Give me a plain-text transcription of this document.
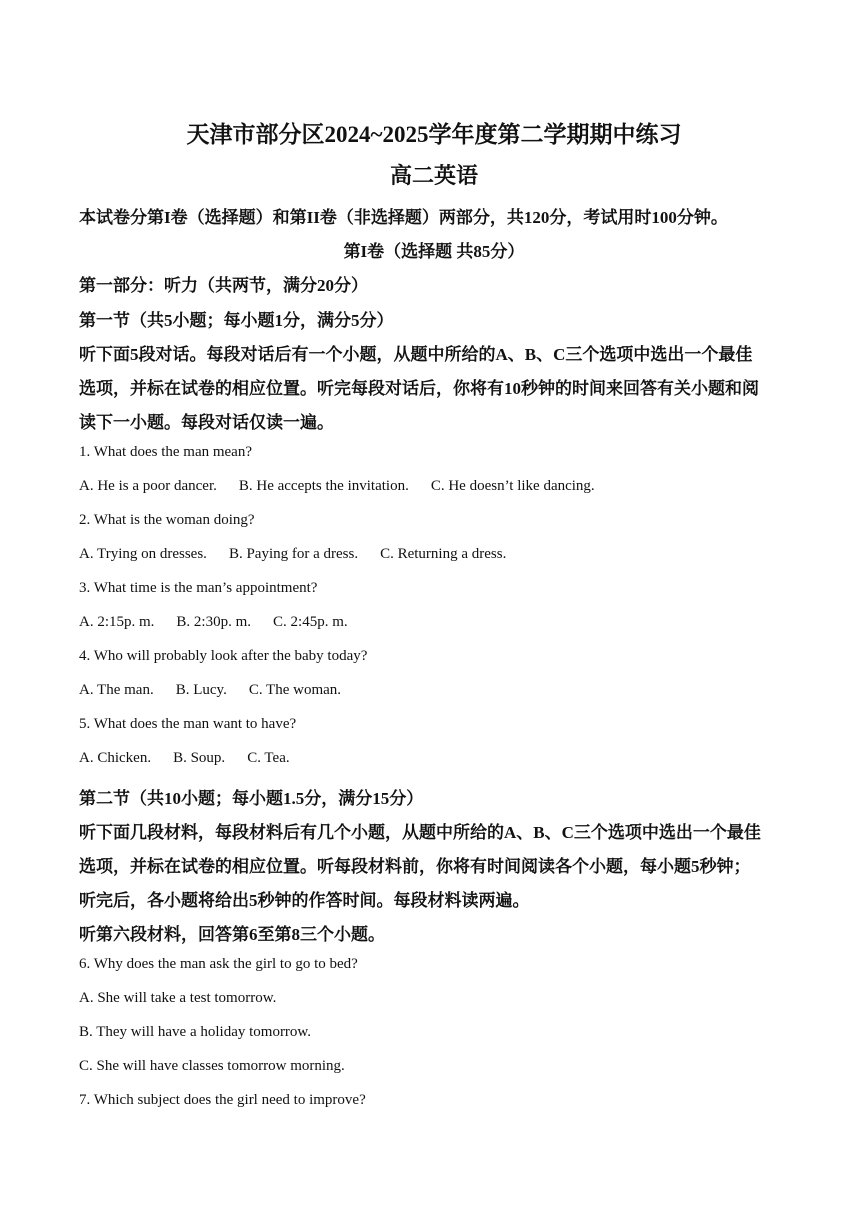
天津市部分区2024~2025学年度第二学期期中练习
高二英语
本试卷分第I卷（选择题）和第II卷（非选择题）两部分，共120分，考试用时100分钟。
第I卷（选择题 共85分）
第一部分：听力（共两节，满分20分）
第一节（共5小题；每小题1分，满分5分）
听下面5段对话。每段对话后有一个小题，从题中所给的A、B、C三个选项中选出一个最佳
选项，并标在试卷的相应位置。听完每段对话后，你将有10秒钟的时间来回答有关小题和阅
读下一小题。每段对话仅读一遍。
1. What does the man mean?
A. He is a poor dancer. B. He accepts the invitation. C. He doesn’t like dancing.
2. What is the woman doing?
A. Trying on dresses. B. Paying for a dress. C. Returning a dress.
3. What time is the man’s appointment?
A. 2:15p. m. B. 2:30p. m. C. 2:45p. m.
4. Who will probably look after the baby today?
A. The man. B. Lucy. C. The woman.
5. What does the man want to have?
A. Chicken. B. Soup. C. Tea.
第二节（共10小题；每小题1.5分，满分15分）
听下面几段材料，每段材料后有几个小题，从题中所给的A、B、C三个选项中选出一个最佳
选项，并标在试卷的相应位置。听每段材料前，你将有时间阅读各个小题，每小题5秒钟；
听完后，各小题将给出5秒钟的作答时间。每段材料读两遍。
听第六段材料，回答第6至第8三个小题。
6. Why does the man ask the girl to go to bed?
A. She will take a test tomorrow.
B. They will have a holiday tomorrow.
C. She will have classes tomorrow morning.
7. Which subject does the girl need to improve?
